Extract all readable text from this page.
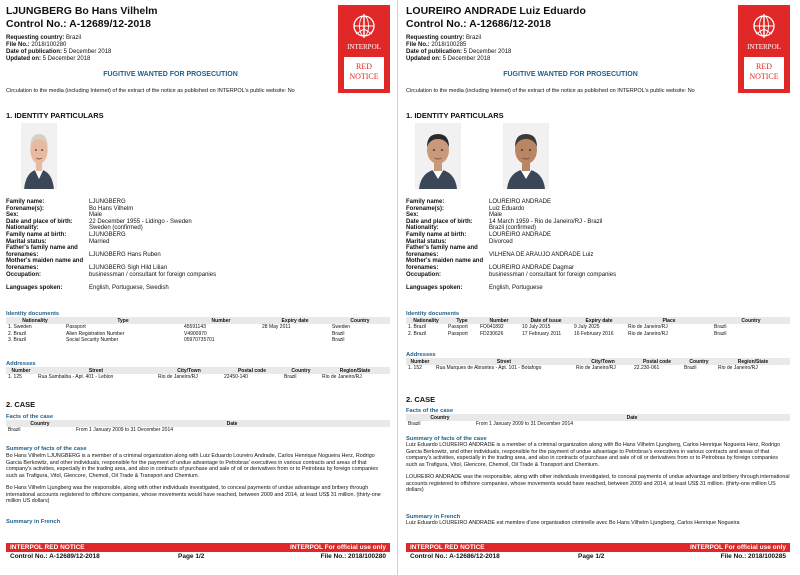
LJUNGBERG Bo Hans Vilhelm
Control No.: A-12689/12-2018
Requesting country: Brazil
File No.: 2018/100280
Date of publication: 5 December 2018
Updated on: 5 December 2018
INTERPOL
RED
NOTICE
FUGITIVE WANTED FOR PROSECUTION
Circulation to the media (including Internet) of the extract of the notice as published on INTERPOL's public website: No
1. IDENTITY PARTICULARS
Family name:	LJUNGBERG
Forename(s):	Bo Hans Vilhelm
Sex:	Male
Date and place of birth:	22 December 1955 - Lidingo - Sweden
Nationality:	Sweden (confirmed)
Family name at birth:	LJUNGBERG
Marital status:	Married
Father's family name and forenames:	LJUNGBERG Hans Ruben
Mother's maiden name and forenames:	LJUNGBERG Sigh Hild Lilian
Occupation:	businessman / consultant for foreign companies
Languages spoken:	English, Portuguese, Swedish
Identity documents
Nationality	Type	Number	Expiry date	Country
1. Sweden	Passport	45591143	28 May 2011	Sweden
2. Brazil	Alien Registration Number	V4900970		Brazil
3. Brazil	Social Security Number	05970735701		Brazil
Addresses
Number	Street	City/Town	Postal code	Country	Region/State
1. 125	Rua Sambaiba - Apt. 401 - Leblon	Rio de Janeiro/RJ	22450-140	Brazil	Rio de Janeiro/RJ
2. CASE
Facts of the case
Country	Date
Brazil	From 1 January 2009 to 31 December 2014
Summary of facts of the case
Bo Hans Vilhelm LJUNGBERG is a member of a criminal organization along with Luiz Eduardo Loureiro Andrade, Carlos Henrique Nogueira Herz, Rodrigo Garcia Berkowitz, and other individuals, responsible for the payment of undue advantage to Petrobras' executives in various contracts and areas of that company's activities, especially in the trading area, and also in contracts of purchase and sale of oil or derivatives from or to Petrobras by foreign companies such as Trafigura, Vitol, Glencore, Chemoil, Oil Trade & Transport and Chemium.
Bo Hans Vilhelm Ljungberg was the responsible, along with other individuals investigated, to conceal payments of undue advantage and bribery through international accounts registered to offshore companies, whose movements would have reached, between 2009 and 2014, at least US$ 31 million. (thirty-one million US dollars)
Summary in French
INTERPOL RED NOTICE	INTERPOL For official use only
Control No.: A-12689/12-2018	Page 1/2	File No.: 2018/100280
LOUREIRO ANDRADE Luiz Eduardo
Control No.: A-12686/12-2018
Requesting country: Brazil
File No.: 2018/100285
Date of publication: 5 December 2018
Updated on: 5 December 2018
INTERPOL
RED
NOTICE
FUGITIVE WANTED FOR PROSECUTION
Circulation to the media (including Internet) of the extract of the notice as published on INTERPOL's public website: No
1. IDENTITY PARTICULARS
Family name:	LOUREIRO ANDRADE
Forename(s):	Luiz Eduardo
Sex:	Male
Date and place of birth:	14 March 1959 - Rio de Janeiro/RJ - Brazil
Nationality:	Brazil (confirmed)
Family name at birth:	LOUREIRO ANDRADE
Marital status:	Divorced
Father's family name and forenames:	VILHENA DE ARAUJO ANDRADE Luiz
Mother's maiden name and forenames:	LOUREIRO ANDRADE Dagmar
Occupation:	businessman / consultant for foreign companies
Languages spoken:	English, Portuguese
Identity documents
Nationality	Type	Number	Date of issue	Expiry date	Place	Country
1. Brazil	Passport	FO041892	10 July 2015	9 July 2025	Rio de Janeiro/RJ	Brazil
2. Brazil	Passport	FD230626	17 February 2011	16 February 2016	Rio de Janeiro/RJ	Brazil
Addresses
Number	Street	City/Town	Postal code	Country	Region/State
1. 152	Rua Marques de Abrantes - Apt. 101 - Botafogo	Rio de Janeiro/RJ	22.230-061	Brazil	Rio de Janeiro/RJ
2. CASE
Facts of the case
Country	Date
Brazil	From 1 January 2009 to 31 December 2014
Summary of facts of the case
Luiz Eduardo LOUREIRO ANDRADE is a member of a criminal organization along with Bo Hans Vilhelm Ljungberg, Carlos Henrique Nogueira Herz, Rodrigo Garcia Berkowitz, and other individuals, responsible for the payment of undue advantage to Petrobras's executives in various contracts and areas of that company's activities, especially in the trading area, and also in contracts of purchase and sale of oil or derivatives from or to Petrobras by foreign companies such as Trafigura, Vitol, Glencore, Chemoil, Oil Trade & Transport and Chemium.
LOUREIRO ANDRADE was the responsible, along with other individuals investigated, to conceal payments of undue advantage and bribery through international accounts registered to offshore companies, whose movements would have reached, between 2009 and 2014, at least US$ 31 million. (thirty-one million US dollars)
Summary in French
Luiz Eduardo LOUREIRO ANDRADE est membre d'une organisation criminelle avec Bo Hans Vilhelm Ljungberg, Carlos Henrique Nogueira
INTERPOL RED NOTICE	INTERPOL For official use only
Control No.: A-12686/12-2018	Page 1/2	File No.: 2018/100285
